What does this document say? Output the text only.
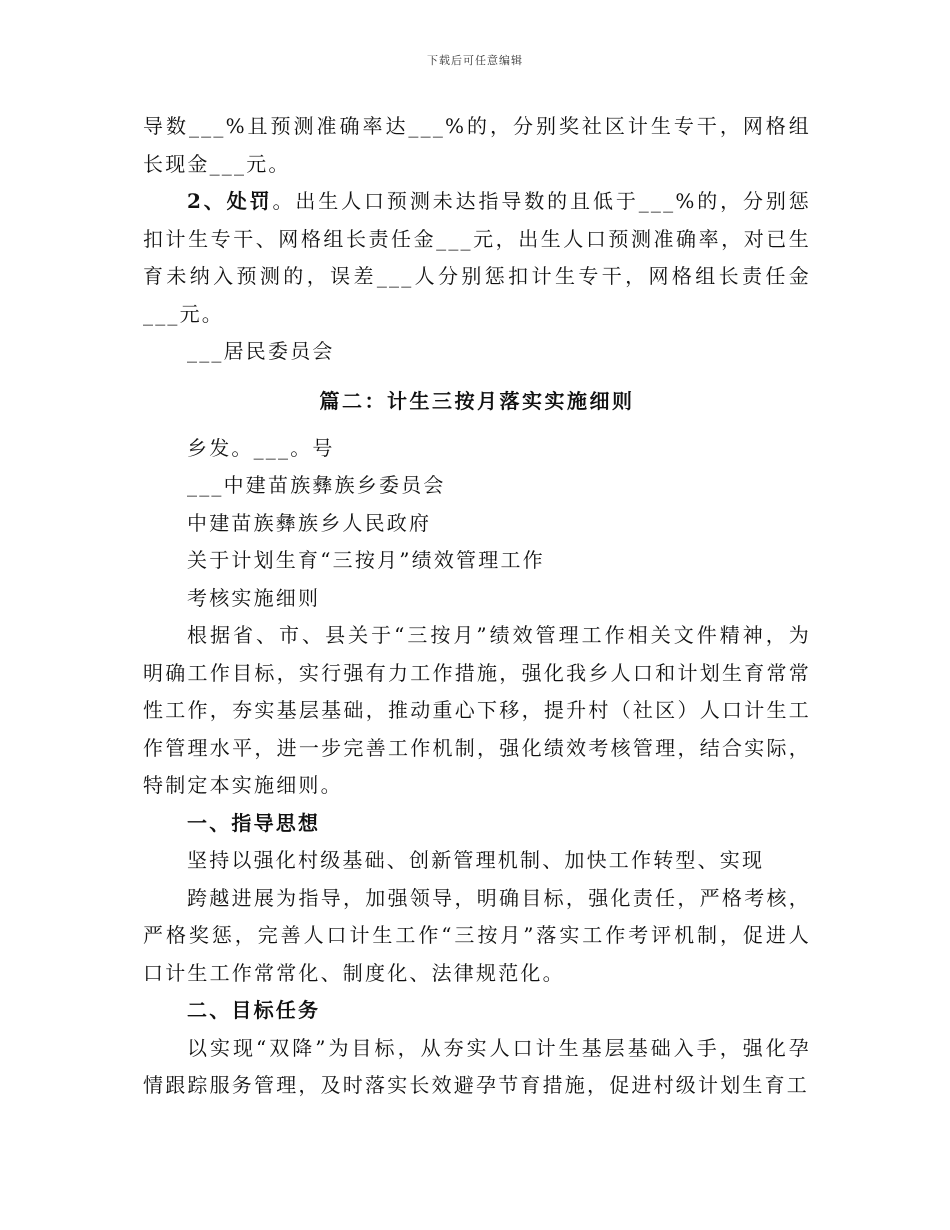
下载后可任意编辑

导数___%且预测准确率达___%的，分别奖社区计生专干，网格组长现金___元。

2、处罚。出生人口预测未达指导数的且低于___%的，分别惩扣计生专干、网格组长责任金___元，出生人口预测准确率，对已生育未纳入预测的，误差___人分别惩扣计生专干，网格组长责任金___元。

___居民委员会

篇二：计生三按月落实实施细则

乡发。___。号

___中建苗族彝族乡委员会

中建苗族彝族乡人民政府

关于计划生育“三按月”绩效管理工作

考核实施细则

根据省、市、县关于“三按月”绩效管理工作相关文件精神，为明确工作目标，实行强有力工作措施，强化我乡人口和计划生育常常性工作，夯实基层基础，推动重心下移，提升村（社区）人口计生工作管理水平，进一步完善工作机制，强化绩效考核管理，结合实际，特制定本实施细则。

一、指导思想

坚持以强化村级基础、创新管理机制、加快工作转型、实现

跨越进展为指导，加强领导，明确目标，强化责任，严格考核，严格奖惩，完善人口计生工作“三按月”落实工作考评机制，促进人口计生工作常常化、制度化、法律规范化。

二、目标任务

以实现“双降”为目标，从夯实人口计生基层基础入手，强化孕情跟踪服务管理，及时落实长效避孕节育措施，促进村级计划生育工
